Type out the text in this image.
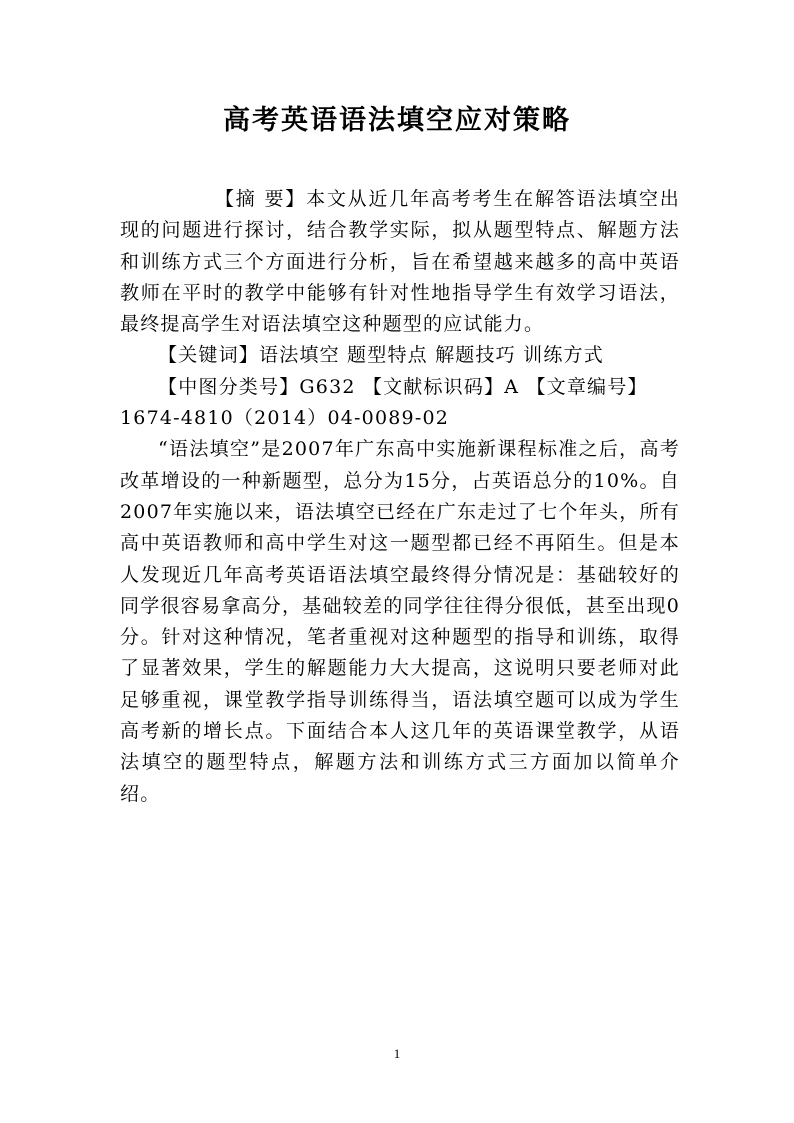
高考英语语法填空应对策略

【摘 要】本文从近几年高考考生在解答语法填空出现的问题进行探讨，结合教学实际，拟从题型特点、解题方法和训练方式三个方面进行分析，旨在希望越来越多的高中英语教师在平时的教学中能够有针对性地指导学生有效学习语法，最终提高学生对语法填空这种题型的应试能力。

【关键词】语法填空 题型特点 解题技巧 训练方式

【中图分类号】G632 【文献标识码】A 【文章编号】1674-4810（2014）04-0089-02

“语法填空”是2007年广东高中实施新课程标准之后，高考改革增设的一种新题型，总分为15分，占英语总分的10%。自2007年实施以来，语法填空已经在广东走过了七个年头，所有高中英语教师和高中学生对这一题型都已经不再陌生。但是本人发现近几年高考英语语法填空最终得分情况是：基础较好的同学很容易拿高分，基础较差的同学往往得分很低，甚至出现0分。针对这种情况，笔者重视对这种题型的指导和训练，取得了显著效果，学生的解题能力大大提高，这说明只要老师对此足够重视，课堂教学指导训练得当，语法填空题可以成为学生高考新的增长点。下面结合本人这几年的英语课堂教学，从语法填空的题型特点，解题方法和训练方式三方面加以简单介绍。

1
